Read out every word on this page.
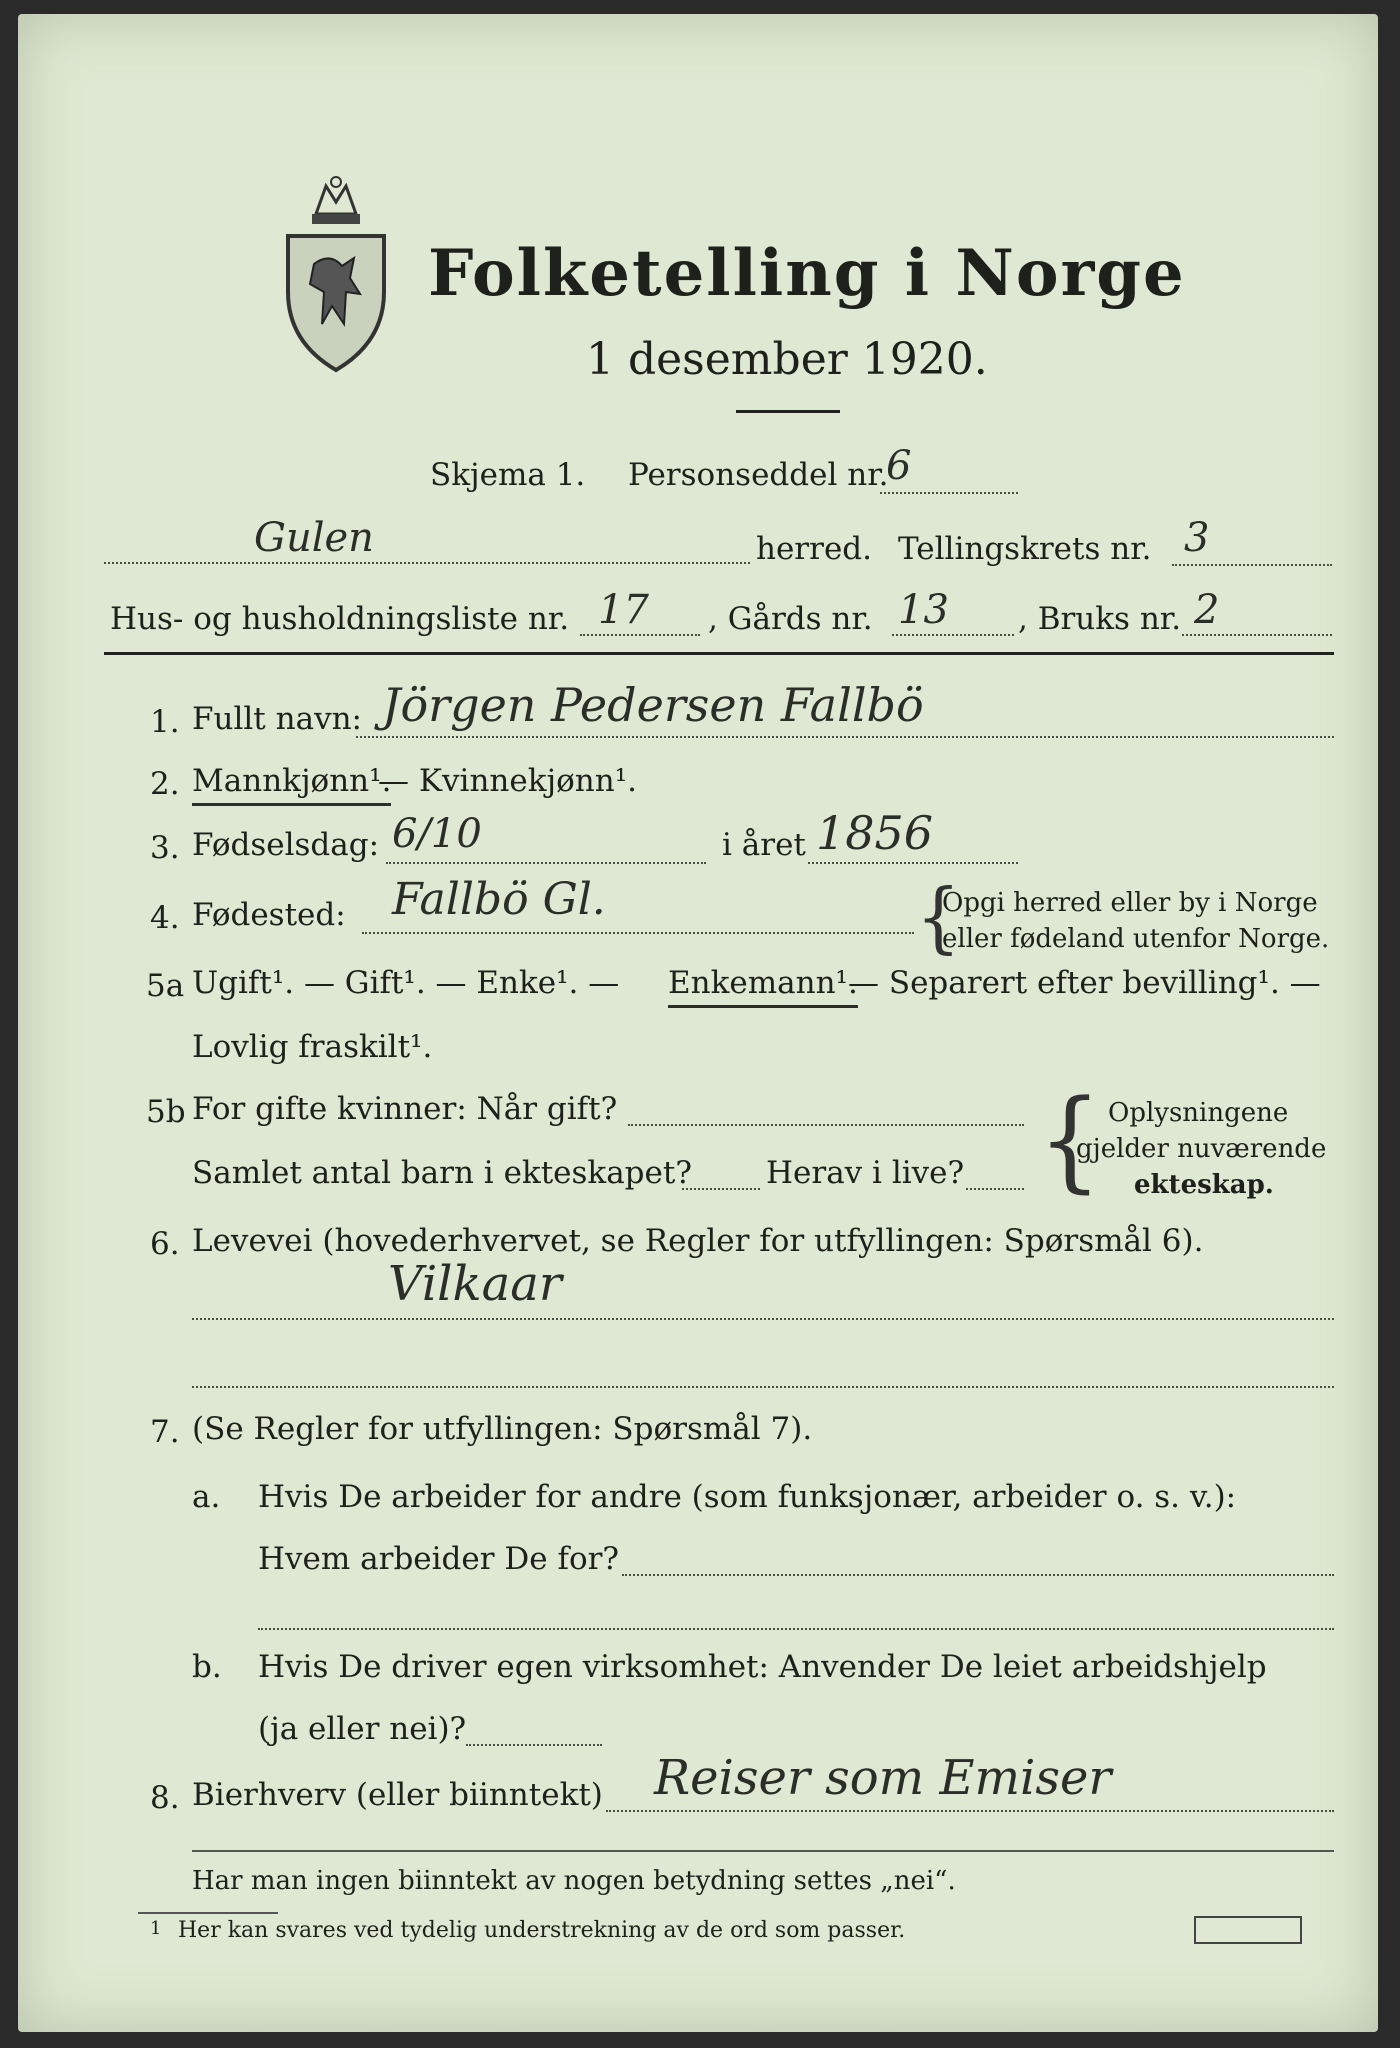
Folketelling i Norge
1 desember 1920.
Skjema 1. Personseddel nr.
6
Gulen	herred. Tellingskrets nr. 3
Hus- og husholdningsliste nr. 17 , Gårds nr. 13 , Bruks nr. 2
1. Fullt navn: Jörgen Pedersen Fallbö
2. Mannkjønn¹.
— Kvinnekjønn¹.
3. Fødselsdag: 6/10	i året 1856
4. Fødested: Fallbö Gl.	{
Opgi herred eller by i Norge
eller fødeland utenfor Norge.
5a Ugift¹. — Gift¹. — Enke¹. — Enkemann¹.
— Separert efter bevilling¹. —
Lovlig fraskilt¹.
5b For gifte kvinner: Når gift?
Samlet antal barn i ekteskapet? Herav i live? { Oplysningene
gjelder nuværende
ekteskap.
6. Levevei (hovederhvervet, se Regler for utfyllingen: Spørsmål 6).
Vilkaar
7. (Se Regler for utfyllingen: Spørsmål 7).
a. Hvis De arbeider for andre (som funksjonær, arbeider o. s. v.):
Hvem arbeider De for?
b. Hvis De driver egen virksomhet: Anvender De leiet arbeidshjelp
(ja eller nei)?
8. Bierhverv (eller biinntekt) Reiser som Emiser
Har man ingen biinntekt av nogen betydning settes „nei“.
1 Her kan svares ved tydelig understrekning av de ord som passer.
